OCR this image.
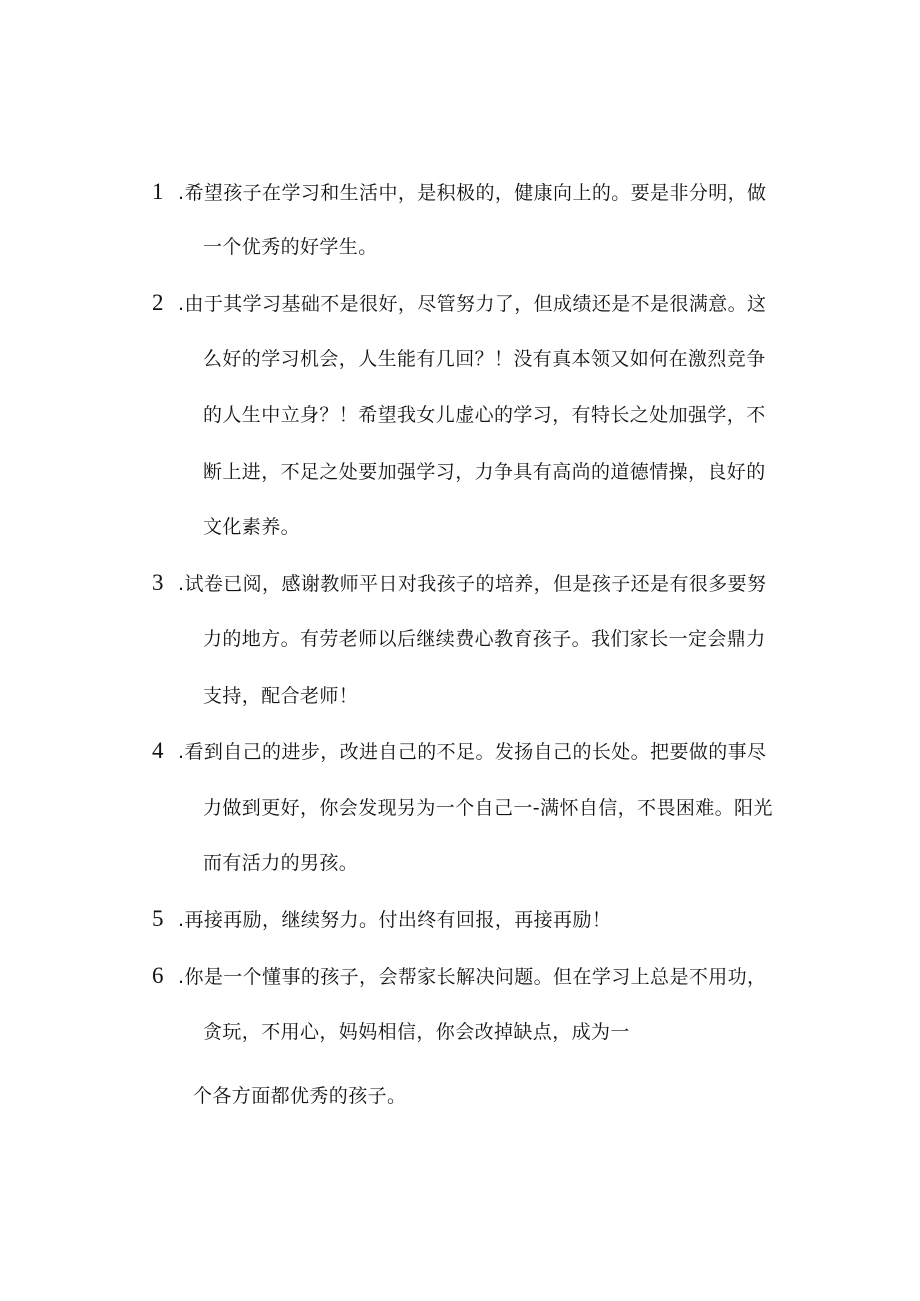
1 .希望孩子在学习和生活中，是积极的，健康向上的。要是非分明，做
一个优秀的好学生。
2 .由于其学习基础不是很好，尽管努力了，但成绩还是不是很满意。这
么好的学习机会，人生能有几回？！没有真本领又如何在激烈竞争
的人生中立身？！希望我女儿虚心的学习，有特长之处加强学，不
断上进，不足之处要加强学习，力争具有高尚的道德情操，良好的
文化素养。
3 .试卷已阅，感谢教师平日对我孩子的培养，但是孩子还是有很多要努
力的地方。有劳老师以后继续费心教育孩子。我们家长一定会鼎力
支持，配合老师！
4 .看到自己的进步，改进自己的不足。发扬自己的长处。把要做的事尽
力做到更好，你会发现另为一个自己一-满怀自信，不畏困难。阳光
而有活力的男孩。
5 .再接再励，继续努力。付出终有回报，再接再励！
6 .你是一个懂事的孩子，会帮家长解决问题。但在学习上总是不用功，
贪玩，不用心，妈妈相信，你会改掉缺点，成为一
个各方面都优秀的孩子。
